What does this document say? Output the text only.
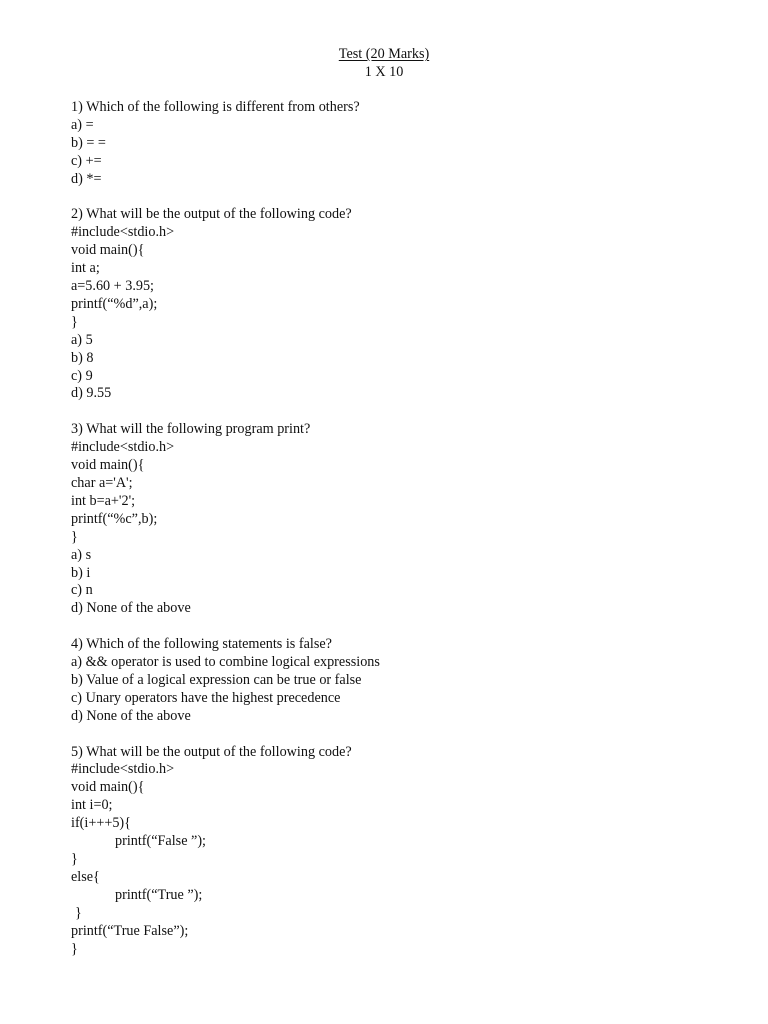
Test (20 Marks)
1 X 10
1) Which of the following is different from others?
a) =
b) = =
c) +=
d) *=
2) What will be the output of the following code?
#include<stdio.h>
void main(){
int a;
a=5.60 + 3.95;
printf(“%d”,a);
}
a) 5
b) 8
c) 9
d) 9.55
3) What will the following program print?
#include<stdio.h>
void main(){
char a='A';
int b=a+'2';
printf(“%c”,b);
}
a) s
b) i
c) n
d) None of the above
4) Which of the following statements is false?
a) && operator is used to combine logical expressions
b) Value of a logical expression can be true or false
c) Unary operators have the highest precedence
d) None of the above
5) What will be the output of the following code?
#include<stdio.h>
void main(){
int i=0;
if(i+++5){
printf(“False ”);
}
else{
printf(“True ”);
}
printf(“True False”);
}
